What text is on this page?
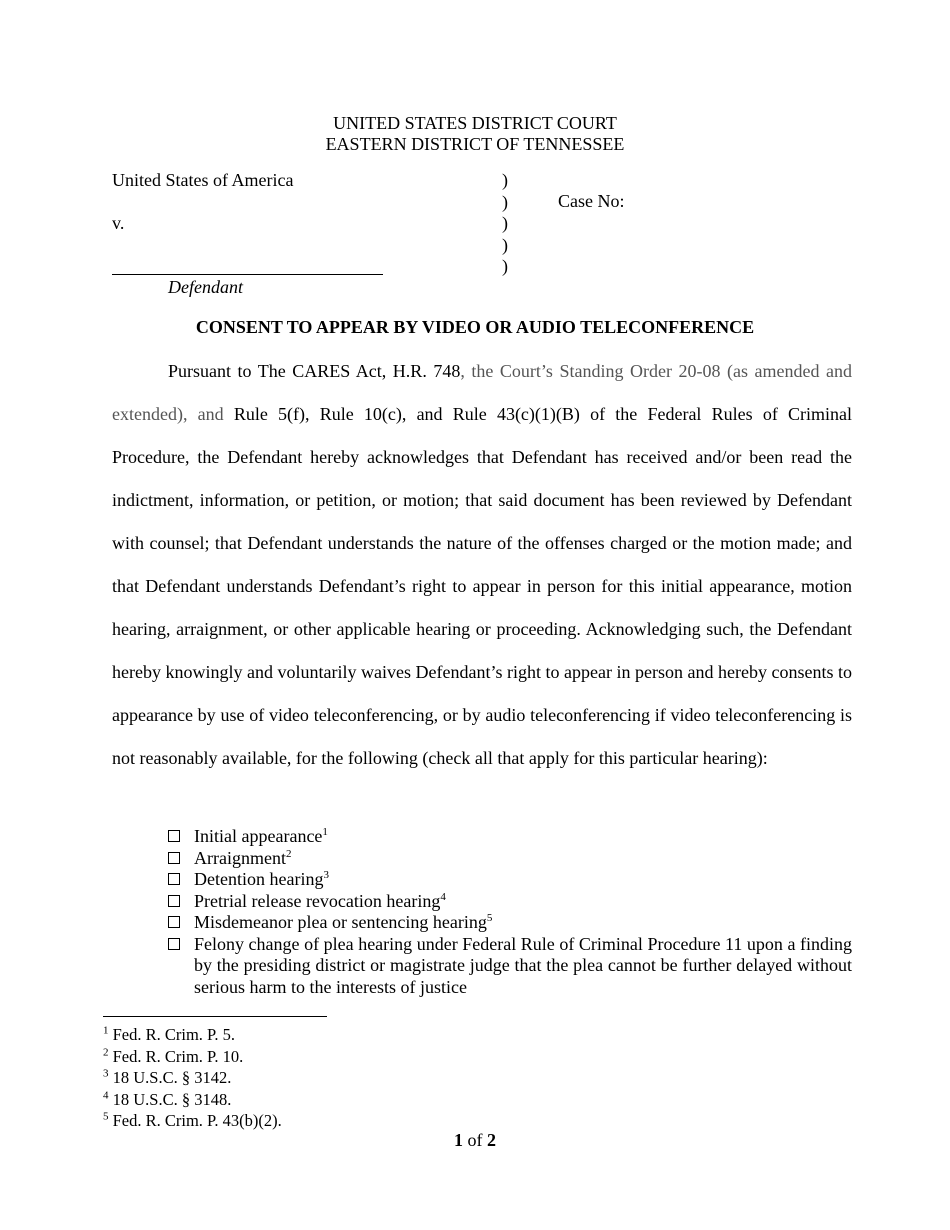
UNITED STATES DISTRICT COURT
EASTERN DISTRICT OF TENNESSEE
United States of America
v.
Defendant
)
)
)
)
)
Case No:
CONSENT TO APPEAR BY VIDEO OR AUDIO TELECONFERENCE
Pursuant to The CARES Act, H.R. 748, the Court’s Standing Order 20-08 (as amended and extended), and Rule 5(f), Rule 10(c), and Rule 43(c)(1)(B) of the Federal Rules of Criminal Procedure, the Defendant hereby acknowledges that Defendant has received and/or been read the indictment, information, or petition, or motion; that said document has been reviewed by Defendant with counsel; that Defendant understands the nature of the offenses charged or the motion made; and that Defendant understands Defendant’s right to appear in person for this initial appearance, motion hearing, arraignment, or other applicable hearing or proceeding. Acknowledging such, the Defendant hereby knowingly and voluntarily waives Defendant’s right to appear in person and hereby consents to appearance by use of video teleconferencing, or by audio teleconferencing if video teleconferencing is not reasonably available, for the following (check all that apply for this particular hearing):
Initial appearance$^1$
Arraignment$^2$
Detention hearing$^3$
Pretrial release revocation hearing$^4$
Misdemeanor plea or sentencing hearing$^5$
Felony change of plea hearing under Federal Rule of Criminal Procedure 11 upon a finding by the presiding district or magistrate judge that the plea cannot be further delayed without serious harm to the interests of justice
$^1$ Fed. R. Crim. P. 5.
$^2$ Fed. R. Crim. P. 10.
$^3$ 18 U.S.C. § 3142.
$^4$ 18 U.S.C. § 3148.
$^5$ Fed. R. Crim. P. 43(b)(2).
1 of 2
